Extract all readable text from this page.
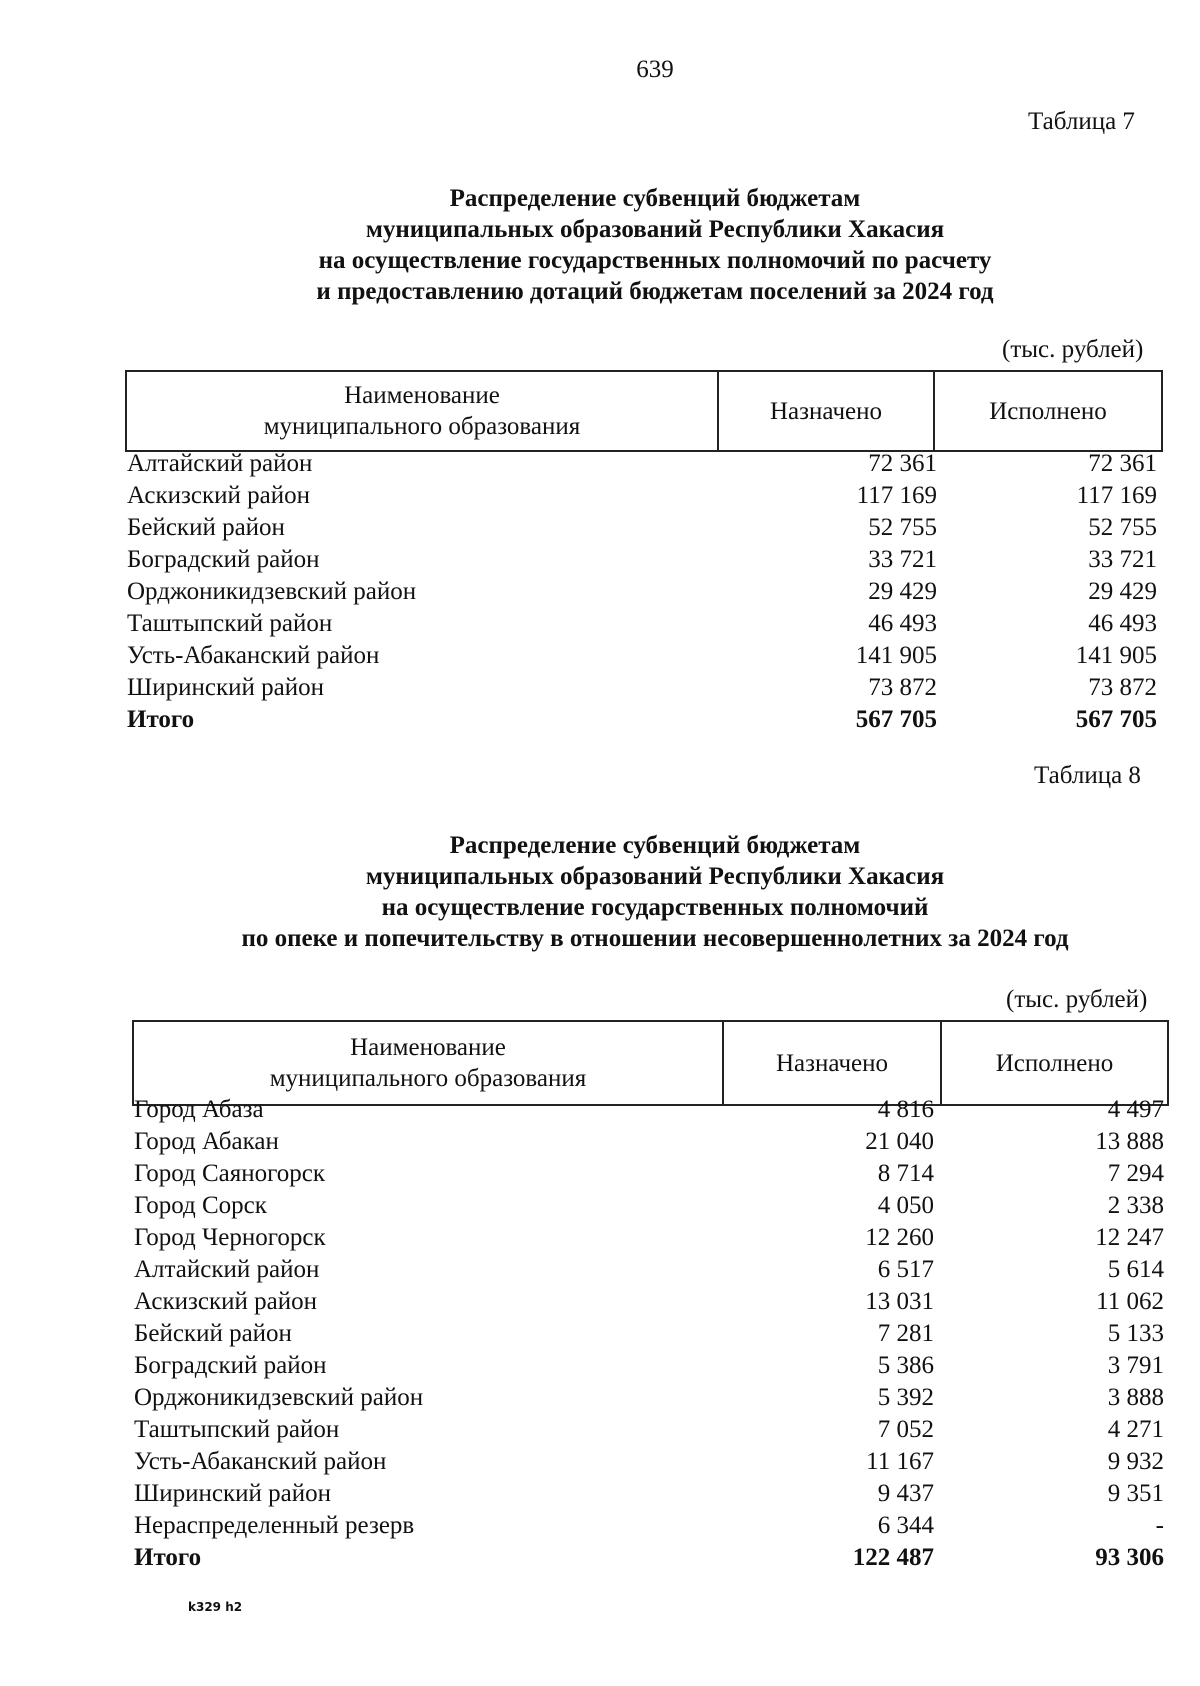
639
Таблица 7
Распределение субвенций бюджетам
муниципальных образований Республики Хакасия
на осуществление государственных полномочий по расчету
и предоставлению дотаций бюджетам поселений за 2024 год
(тыс. рублей)
Наименование
муниципального образования
Назначено	Исполнено
Алтайский район	72 361	72 361
Аскизский район	117 169	117 169
Бейский район	52 755	52 755
Боградский район	33 721	33 721
Орджоникидзевский район	29 429	29 429
Таштыпский район	46 493	46 493
Усть-Абаканский район	141 905	141 905
Ширинский район	73 872	73 872
Итого	567 705	567 705
Таблица 8
Распределение субвенций бюджетам
муниципальных образований Республики Хакасия
на осуществление государственных полномочий
по опеке и попечительству в отношении несовершеннолетних за 2024 год
(тыс. рублей)
Наименование
муниципального образования
Назначено	Исполнено
Город Абаза	4 816	4 497
Город Абакан	21 040	13 888
Город Саяногорск	8 714	7 294
Город Сорск	4 050	2 338
Город Черногорск	12 260	12 247
Алтайский район	6 517	5 614
Аскизский район	13 031	11 062
Бейский район	7 281	5 133
Боградский район	5 386	3 791
Орджоникидзевский район	5 392	3 888
Таштыпский район	7 052	4 271
Усть-Абаканский район	11 167	9 932
Ширинский район	9 437	9 351
Нераспределенный резерв	6 344	-
Итого	122 487	93 306
k329 h2
